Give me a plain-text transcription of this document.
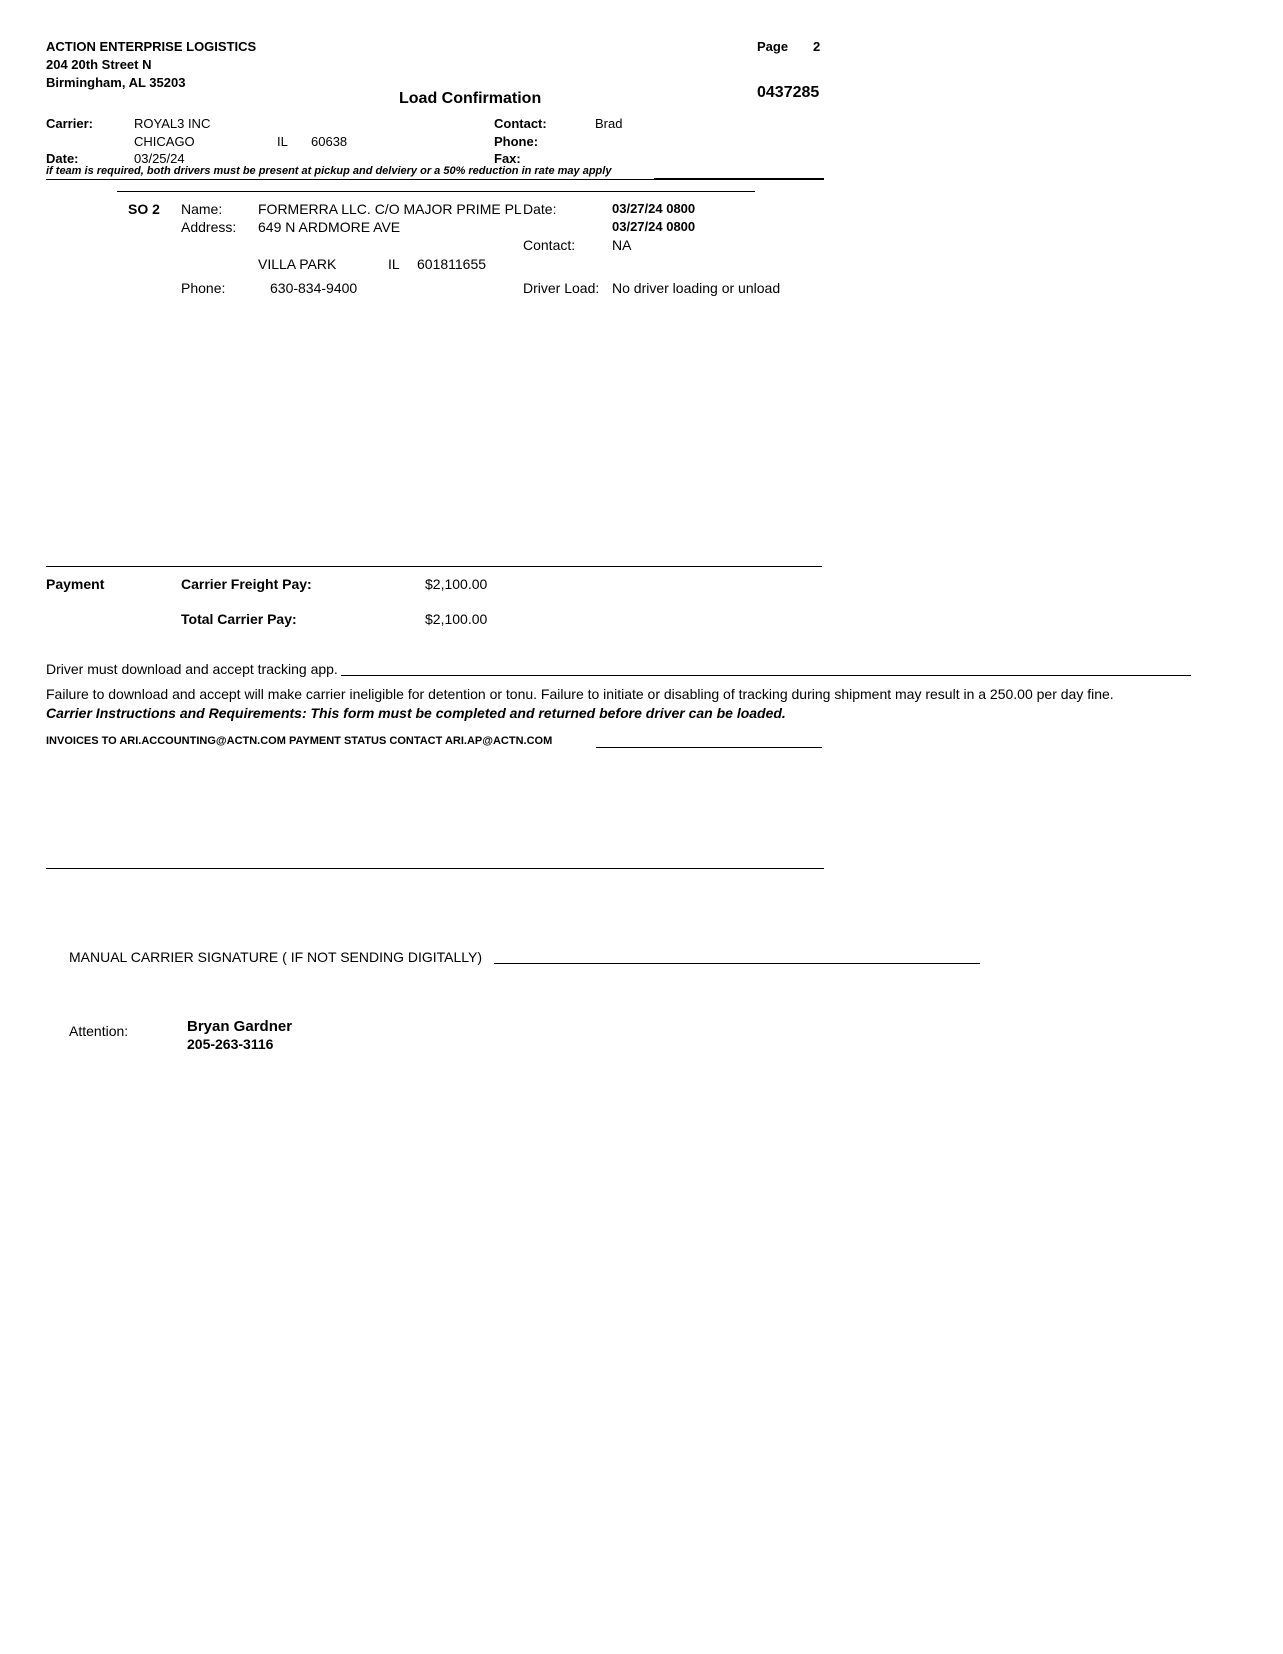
ACTION ENTERPRISE LOGISTICS
204 20th Street N
Birmingham, AL 35203
Page 2
Load Confirmation	0437285
Carrier:	ROYAL3 INC
CHICAGO	IL 60638
Date:	03/25/24
Contact:	Brad
Phone:
Fax:
if team is required, both drivers must be present at pickup and delviery or a 50% reduction in rate may apply
SO 2 Name:	FORMERRA LLC. C/O MAJOR PRIME PL
Address: 649 N ARDMORE AVE
VILLA PARK	IL 601811655
Phone:	630-834-9400
Date:	03/27/24 0800
03/27/24 0800
Contact:	NA
Driver Load: No driver loading or unload
Payment	Carrier Freight Pay:	$2,100.00
Total Carrier Pay:	$2,100.00
Driver must download and accept tracking app.
Failure to download and accept will make carrier ineligible for detention or tonu. Failure to initiate or disabling of tracking during shipment may result in a 250.00 per day fine.
Carrier Instructions and Requirements: This form must be completed and returned before driver can be loaded.
INVOICES TO ARI.ACCOUNTING@ACTN.COM PAYMENT STATUS CONTACT ARI.AP@ACTN.COM
MANUAL CARRIER SIGNATURE ( IF NOT SENDING DIGITALLY)
Attention:	Bryan Gardner
205-263-3116
